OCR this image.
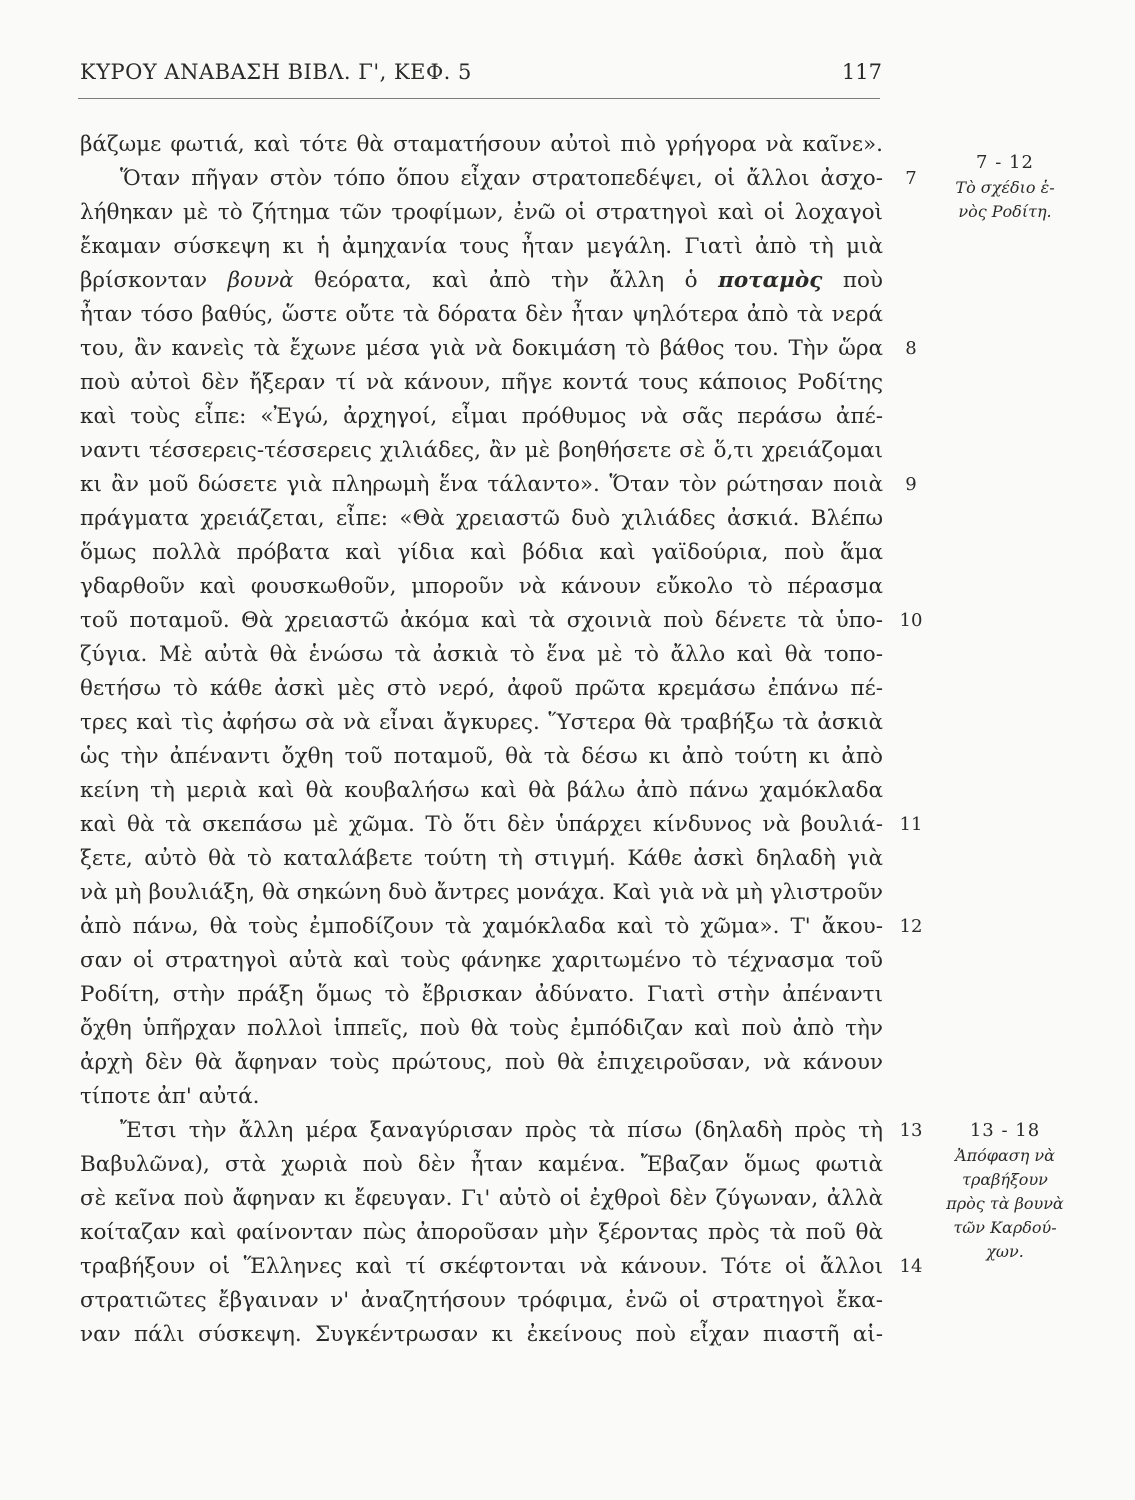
ΚΥΡΟΥ ΑΝΑΒΑΣΗ ΒΙΒΛ. Γ', ΚΕΦ. 5	117
βάζωμε φωτιά, καὶ τότε θὰ σταματήσουν αὐτοὶ πιὸ γρήγορα νὰ καῖνε».
Ὅταν πῆγαν στὸν τόπο ὅπου εἶχαν στρατοπεδέψει, οἱ ἄλλοι ἀσχο-
λήθηκαν μὲ τὸ ζήτημα τῶν τροφίμων, ἐνῶ οἱ στρατηγοὶ καὶ οἱ λοχαγοὶ
ἔκαμαν σύσκεψη κι ἡ ἀμηχανία τους ἦταν μεγάλη. Γιατὶ ἀπὸ τὴ μιὰ
βρίσκονταν βουνὰ θεόρατα, καὶ ἀπὸ τὴν ἄλλη ὁ ποταμὸς ποὺ
ἦταν τόσο βαθύς, ὥστε οὔτε τὰ δόρατα δὲν ἦταν ψηλότερα ἀπὸ τὰ νερά
του, ἂν κανεὶς τὰ ἔχωνε μέσα γιὰ νὰ δοκιμάση τὸ βάθος του. Τὴν ὥρα
ποὺ αὐτοὶ δὲν ἤξεραν τί νὰ κάνουν, πῆγε κοντά τους κάποιος Ροδίτης
καὶ τοὺς εἶπε: «Ἐγώ, ἀρχηγοί, εἶμαι πρόθυμος νὰ σᾶς περάσω ἀπέ-
ναντι τέσσερεις-τέσσερεις χιλιάδες, ἂν μὲ βοηθήσετε σὲ ὅ,τι χρειάζομαι
κι ἂν μοῦ δώσετε γιὰ πληρωμὴ ἕνα τάλαντο». Ὅταν τὸν ρώτησαν ποιὰ
πράγματα χρειάζεται, εἶπε: «Θὰ χρειαστῶ δυὸ χιλιάδες ἀσκιά. Βλέπω
ὅμως πολλὰ πρόβατα καὶ γίδια καὶ βόδια καὶ γαϊδούρια, ποὺ ἅμα
γδαρθοῦν καὶ φουσκωθοῦν, μποροῦν νὰ κάνουν εὔκολο τὸ πέρασμα
τοῦ ποταμοῦ. Θὰ χρειαστῶ ἀκόμα καὶ τὰ σχοινιὰ ποὺ δένετε τὰ ὑπο-
ζύγια. Μὲ αὐτὰ θὰ ἑνώσω τὰ ἀσκιὰ τὸ ἕνα μὲ τὸ ἄλλο καὶ θὰ τοπο-
θετήσω τὸ κάθε ἀσκὶ μὲς στὸ νερό, ἀφοῦ πρῶτα κρεμάσω ἐπάνω πέ-
τρες καὶ τὶς ἀφήσω σὰ νὰ εἶναι ἄγκυρες. Ὕστερα θὰ τραβήξω τὰ ἀσκιὰ
ὡς τὴν ἀπέναντι ὄχθη τοῦ ποταμοῦ, θὰ τὰ δέσω κι ἀπὸ τούτη κι ἀπὸ
κείνη τὴ μεριὰ καὶ θὰ κουβαλήσω καὶ θὰ βάλω ἀπὸ πάνω χαμόκλαδα
καὶ θὰ τὰ σκεπάσω μὲ χῶμα. Τὸ ὅτι δὲν ὑπάρχει κίνδυνος νὰ βουλιά-
ξετε, αὐτὸ θὰ τὸ καταλάβετε τούτη τὴ στιγμή. Κάθε ἀσκὶ δηλαδὴ γιὰ
νὰ μὴ βουλιάξη, θὰ σηκώνη δυὸ ἄντρες μονάχα. Καὶ γιὰ νὰ μὴ γλιστροῦν
ἀπὸ πάνω, θὰ τοὺς ἐμποδίζουν τὰ χαμόκλαδα καὶ τὸ χῶμα». Τ' ἄκου-
σαν οἱ στρατηγοὶ αὐτὰ καὶ τοὺς φάνηκε χαριτωμένο τὸ τέχνασμα τοῦ
Ροδίτη, στὴν πράξη ὅμως τὸ ἔβρισκαν ἀδύνατο. Γιατὶ στὴν ἀπέναντι
ὄχθη ὑπῆρχαν πολλοὶ ἱππεῖς, ποὺ θὰ τοὺς ἐμπόδιζαν καὶ ποὺ ἀπὸ τὴν
ἀρχὴ δὲν θὰ ἄφηναν τοὺς πρώτους, ποὺ θὰ ἐπιχειροῦσαν, νὰ κάνουν
τίποτε ἀπ' αὐτά.
Ἔτσι τὴν ἄλλη μέρα ξαναγύρισαν πρὸς τὰ πίσω (δηλαδὴ πρὸς τὴ
Βαβυλῶνα), στὰ χωριὰ ποὺ δὲν ἦταν καμένα. Ἔβαζαν ὅμως φωτιὰ
σὲ κεῖνα ποὺ ἄφηναν κι ἔφευγαν. Γι' αὐτὸ οἱ ἐχθροὶ δὲν ζύγωναν, ἀλλὰ
κοίταζαν καὶ φαίνονταν πὼς ἀποροῦσαν μὴν ξέροντας πρὸς τὰ ποῦ θὰ
τραβήξουν οἱ Ἕλληνες καὶ τί σκέφτονται νὰ κάνουν. Τότε οἱ ἄλλοι
στρατιῶτες ἔβγαιναν ν' ἀναζητήσουν τρόφιμα, ἐνῶ οἱ στρατηγοὶ ἔκα-
ναν πάλι σύσκεψη. Συγκέντρωσαν κι ἐκείνους ποὺ εἶχαν πιαστῆ αἱ-
7
8
9
10
11
12
13
14
7 - 12
Τὸ σχέδιο ἑ-
νὸς Ροδίτη.
13 - 18
Ἀπόφαση νὰ
τραβήξουν
πρὸς τὰ βουνὰ
τῶν Καρδού-
χων.
